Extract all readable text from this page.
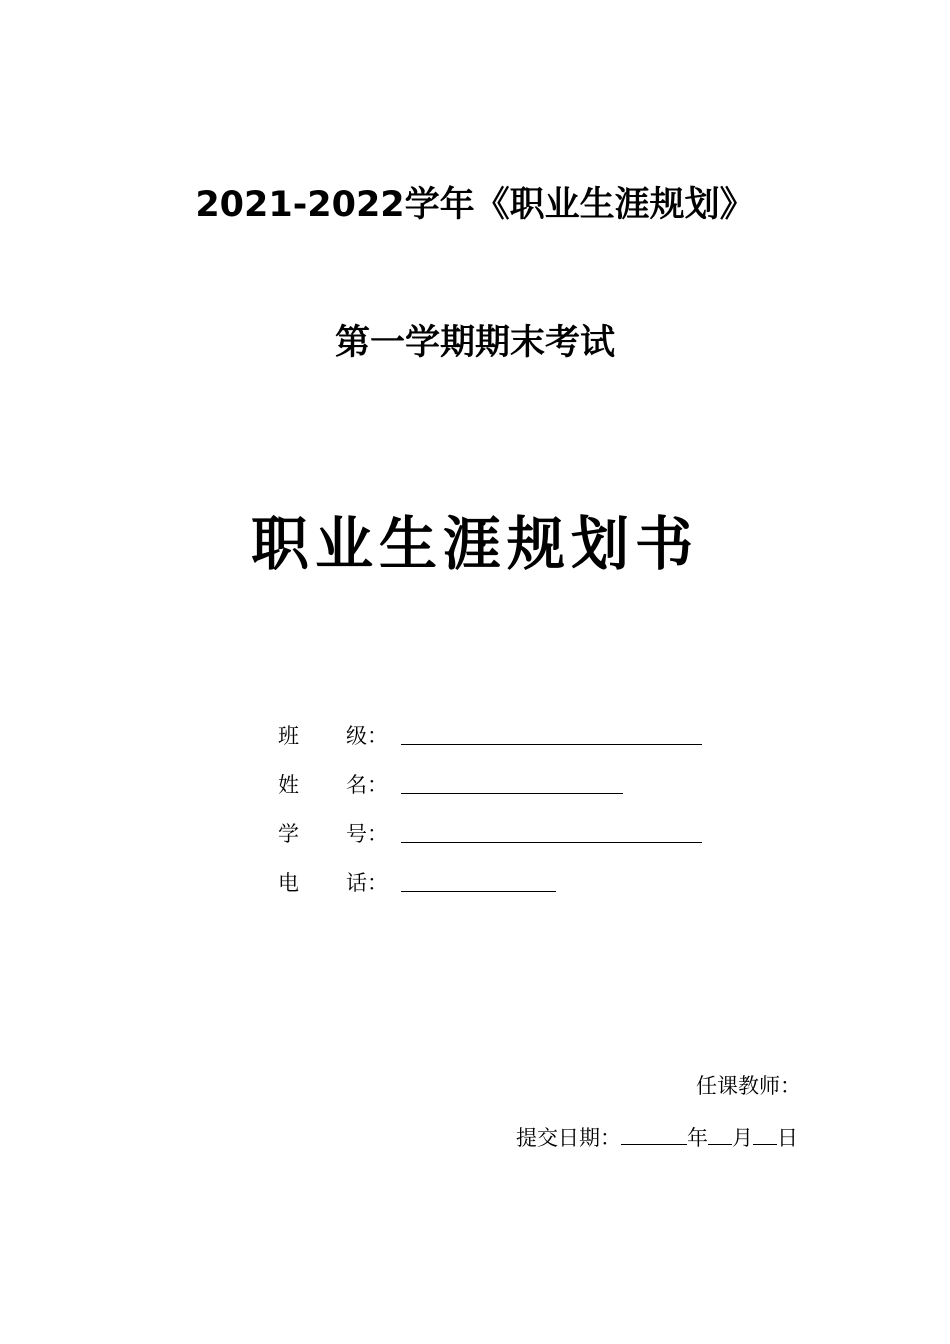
2021-2022学年《职业生涯规划》
第一学期期末考试
职业生涯规划书
班 级：
姓 名：
学 号：
电 话：
任课教师：
提交日期：	年 月 日
